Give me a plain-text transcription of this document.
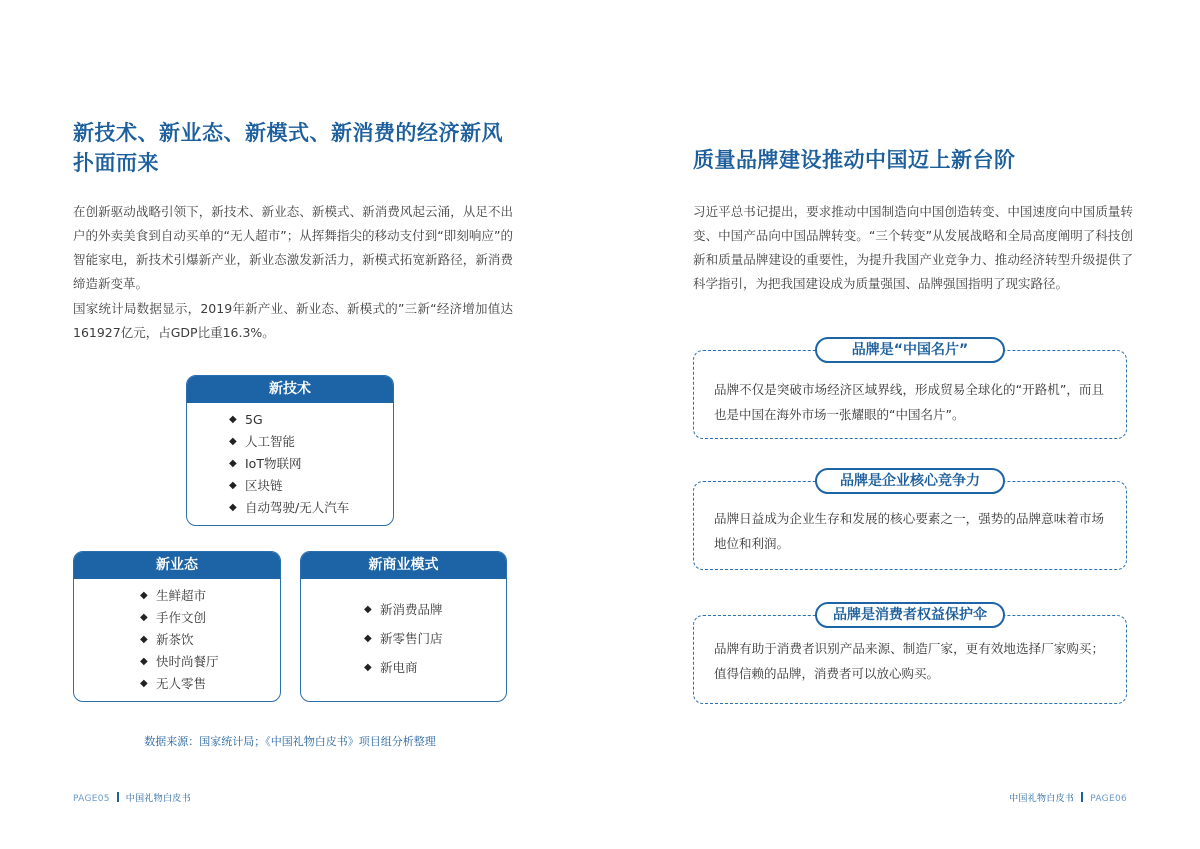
新技术、新业态、新模式、新消费的经济新风扑面而来

在创新驱动战略引领下，新技术、新业态、新模式、新消费风起云涌，从足不出户的外卖美食到自动买单的“无人超市”；从挥舞指尖的移动支付到“即刻响应”的智能家电，新技术引爆新产业，新业态激发新活力，新模式拓宽新路径，新消费缔造新变革。

国家统计局数据显示，2019年新产业、新业态、新模式的”三新“经济增加值达161927亿元，占GDP比重16.3%。

新技术
◆ 5G
◆ 人工智能
◆ IoT物联网
◆ 区块链
◆ 自动驾驶/无人汽车
新业态
◆ 生鲜超市
◆ 手作文创
◆ 新茶饮
◆ 快时尚餐厅
◆ 无人零售
新商业模式
◆ 新消费品牌
◆ 新零售门店
◆ 新电商
数据来源：国家统计局；《中国礼物白皮书》项目组分析整理
PAGE05 中国礼物白皮书
质量品牌建设推动中国迈上新台阶

习近平总书记提出，要求推动中国制造向中国创造转变、中国速度向中国质量转变、中国产品向中国品牌转变。“三个转变”从发展战略和全局高度阐明了科技创新和质量品牌建设的重要性，为提升我国产业竞争力、推动经济转型升级提供了科学指引，为把我国建设成为质量强国、品牌强国指明了现实路径。

品牌不仅是突破市场经济区域界线，形成贸易全球化的“开路机”，而且也是中国在海外市场一张耀眼的“中国名片”。

品牌是“中国名片”

品牌日益成为企业生存和发展的核心要素之一，强势的品牌意味着市场地位和利润。

品牌是企业核心竞争力

品牌有助于消费者识别产品来源、制造厂家，更有效地选择厂家购买；值得信赖的品牌，消费者可以放心购买。

品牌是消费者权益保护伞
中国礼物白皮书 PAGE06
